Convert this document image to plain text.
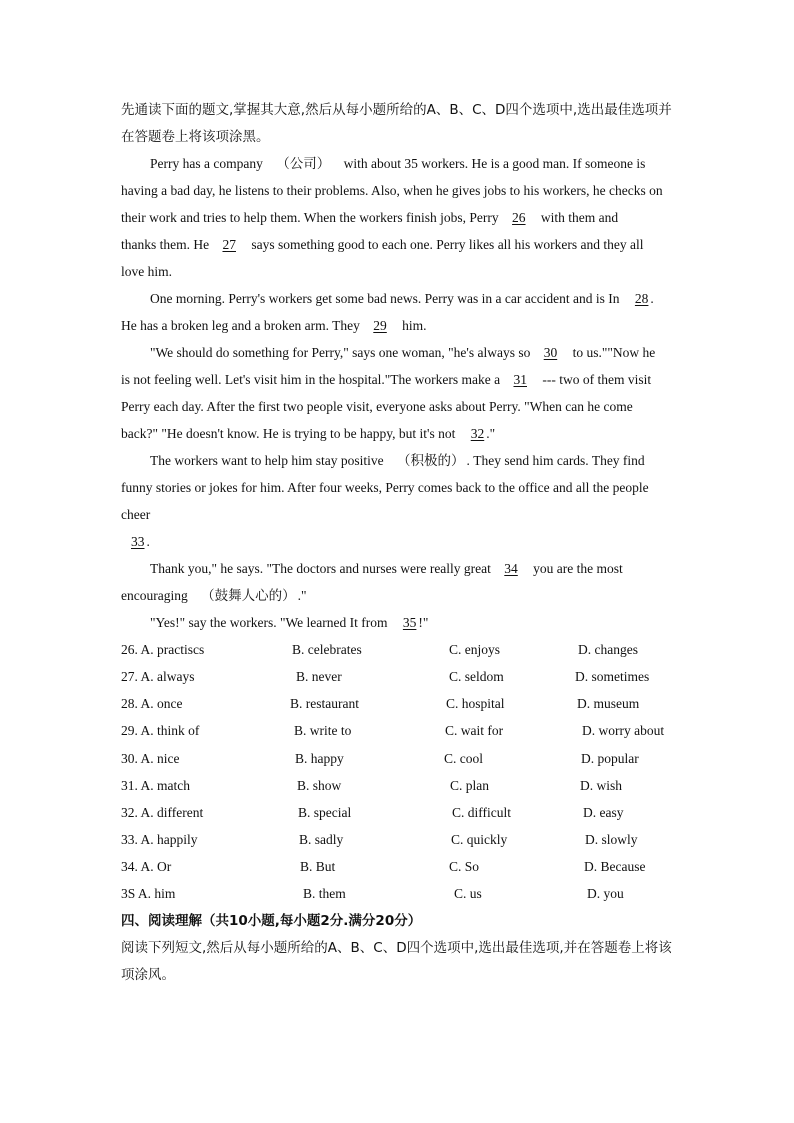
先通读下面的题文,掌握其大意,然后从每小题所给的A、B、C、D四个选项中,选出最佳选项并
在答题卷上将该项涂黑。
Perry has a company （公司） with about 35 workers. He is a good man. If someone is
having a bad day, he listens to their problems. Also, when he gives jobs to his workers, he checks on
their work and tries to help them. When the workers finish jobs, Perry 26 with them and
thanks them. He 27 says something good to each one. Perry likes all his workers and they all
love him.
One morning. Perry's workers get some bad news. Perry was in a car accident and is In 28 .
He has a broken leg and a broken arm. They 29 him.
"We should do something for Perry," says one woman, "he's always so 30 to us.""Now he
is not feeling well. Let's visit him in the hospital."The workers make a 31 --- two of them visit
Perry each day. After the first two people visit, everyone asks about Perry. "When can he come
back?" "He doesn't know. He is trying to be happy, but it's not 32 ."
The workers want to help him stay positive （积极的） . They send him cards. They find
funny stories or jokes for him. After four weeks, Perry comes back to the office and all the people
cheer
33 .
Thank you," he says. "The doctors and nurses were really great 34 you are the most
encouraging （鼓舞人心的） ."
"Yes!" say the workers. "We learned It from 35 !"
26. A. practiscs	B. celebrates	C. enjoys	D. changes
27. A. always	B. never	C. seldom	D. sometimes
28. A. once	B. restaurant	C. hospital	D. museum
29. A. think of	B. write to	C. wait for	D. worry about
30. A. nice	B. happy	C. cool	D. popular
31. A. match	B. show	C. plan	D. wish
32. A. different	B. special	C. difficult	D. easy
33. A. happily	B. sadly	C. quickly	D. slowly
34. A. Or	B. But	C. So	D. Because
3S A. him	B. them	C. us	D. you
四、阅读理解（共10小题,每小题2分.满分20分）
阅读下列短文,然后从每小题所给的A、B、C、D四个选项中,选出最佳选项,并在答题卷上将该
项涂风。
